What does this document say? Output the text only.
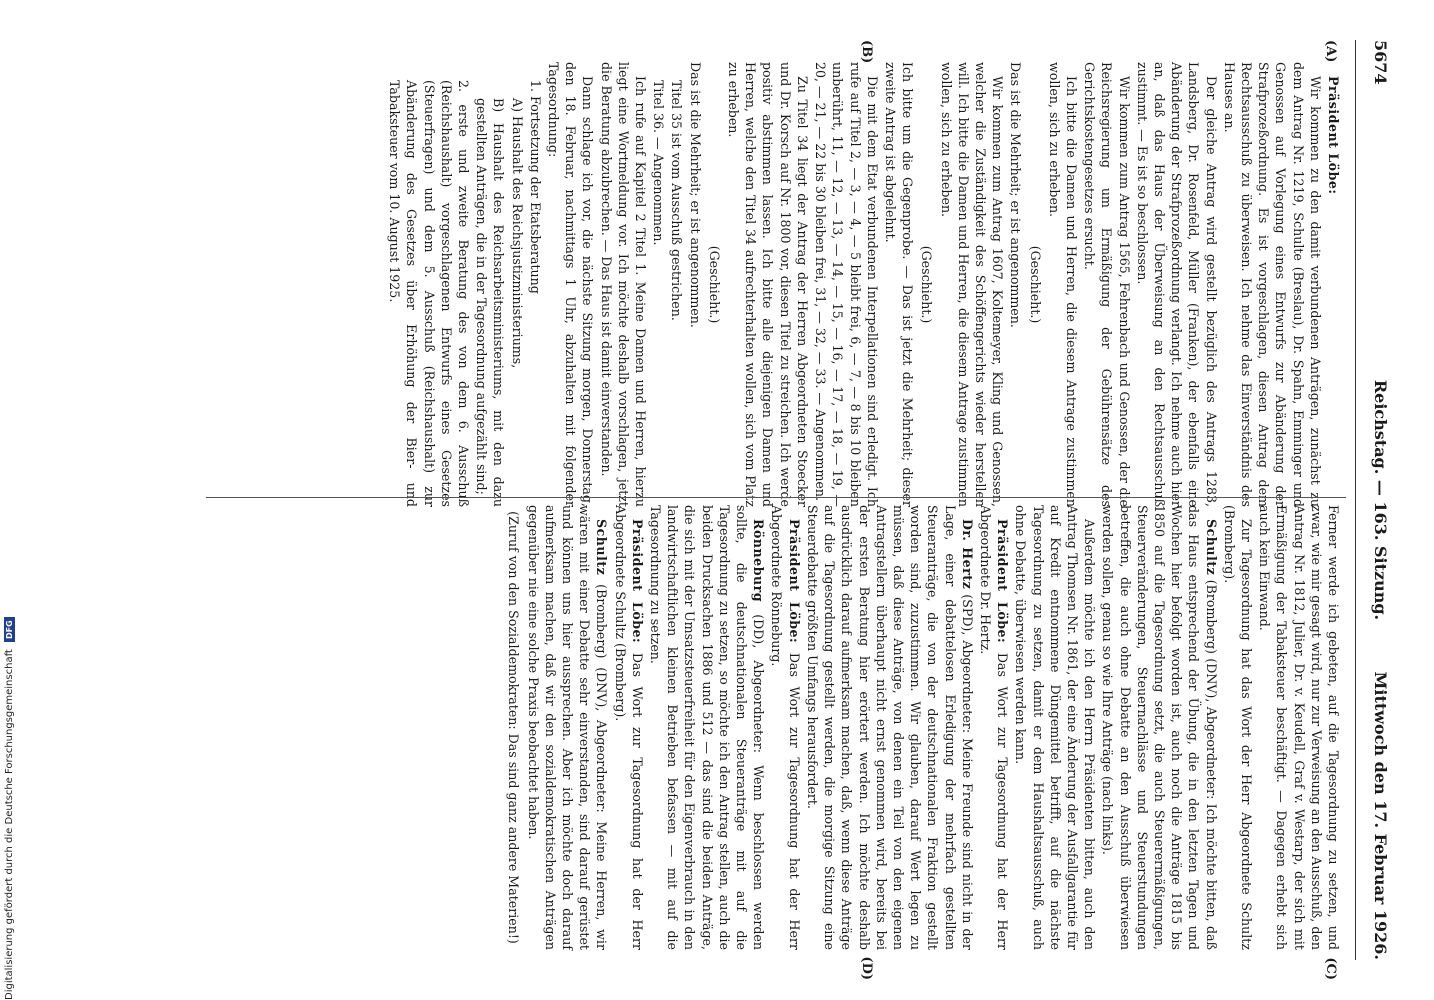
5674
Reichstag. — 163. Sitzung.
Mittwoch den 17. Februar 1926.
(A)
(B)
(C)
(D)

Präsident Löbe:

Wir kommen zu den damit verbundenen Anträgen, zunächst zu dem Antrag Nr. 1219, Schulte (Breslau), Dr. Spahn, Emminger und Genossen auf Vorlegung eines Entwurfs zur Abänderung der Strafprozeßordnung. Es ist vorgeschlagen, diesen Antrag dem Rechtsausschuß zu überweisen. Ich nehme das Einverständnis des Hauses an.

Der gleiche Antrag wird gestellt bezüglich des Antrags 1283, Landsberg, Dr. Rosenfeld, Müller (Franken), der ebenfalls eine Abänderung der Strafprozeßordnung verlangt. Ich nehme auch hier an, daß das Haus der Überweisung an den Rechtsausschuß zustimmt. — Es ist so beschlossen.

Wir kommen zum Antrag 1565, Fehrenbach und Genossen, der die Reichsregierung um Ermäßigung der Gebührensätze des Gerichtskostengesetzes ersucht.

Ich bitte die Damen und Herren, die diesem Antrage zustimmen wollen, sich zu erheben.

(Geschieht.)

Das ist die Mehrheit; er ist angenommen.

Wir kommen zum Antrag 1607, Koltemeyer, Kling und Genossen, welcher die Zuständigkeit des Schöffengerichts wieder herstellen will. Ich bitte die Damen und Herren, die diesem Antrage zustimmen wollen, sich zu erheben.

(Geschieht.)

Ich bitte um die Gegenprobe. — Das ist jetzt die Mehrheit; dieser zweite Antrag ist abgelehnt.

Die mit dem Etat verbundenen Interpellationen sind erledigt. Ich rufe auf Titel 2, — 3, — 4, — 5 bleibt frei, 6, — 7, — 8 bis 10 bleiben unberührt, 11, — 12, — 13, — 14, — 15, — 16, — 17, — 18, — 19, — 20, — 21, — 22 bis 30 bleiben frei, 31, — 32, — 33. — Angenommen.

Zu Titel 34 liegt der Antrag der Herren Abgeordneten Stoecker und Dr. Korsch auf Nr. 1800 vor, diesen Titel zu streichen. Ich werde positiv abstimmen lassen. Ich bitte alle diejenigen Damen und Herren, welche den Titel 34 aufrechterhalten wollen, sich vom Platz zu erheben.

(Geschieht.)

Das ist die Mehrheit; er ist angenommen.

Titel 35 ist vom Ausschuß gestrichen.

Titel 36. — Angenommen.

Ich rufe auf Kapitel 2 Titel 1. Meine Damen und Herren, hierzu liegt eine Wortmeldung vor. Ich möchte deshalb vorschlagen, jetzt die Beratung abzubrechen. — Das Haus ist damit einverstanden.

Dann schlage ich vor, die nächste Sitzung morgen, Donnerstag, den 18. Februar, nachmittags 1 Uhr, abzuhalten mit folgender Tagesordnung:

1. Fortsetzung der Etatsberatung

A) Haushalt des Reichsjustizministeriums,

B) Haushalt des Reichsarbeitsministeriums, mit den dazu gestellten Anträgen, die in der Tagesordnung aufgezählt sind;

2. erste und zweite Beratung des von dem 6. Ausschuß (Reichshaushalt) vorgeschlagenen Entwurfs eines Gesetzes (Steuerfragen) und dem 5. Ausschuß (Reichshaushalt) zur Abänderung des Gesetzes über Erhöhung der Bier- und Tabaksteuer vom 10. August 1925.

Ferner werde ich gebeten, auf die Tagesordnung zu setzen, und zwar, wie mir gesagt wird, nur zur Verweisung an den Ausschuß, den Antrag Nr. 1812, Julier, Dr. v. Keudell, Graf v. Westarp, der sich mit Ermäßigung der Tabaksteuer beschäftigt. — Dagegen erhebt sich auch kein Einwand.

Zur Tagesordnung hat das Wort der Herr Abgeordnete Schultz (Bromberg).

Schultz (Bromberg) (DNV), Abgeordneter: Ich möchte bitten, daß das Haus entsprechend der Übung, die in den letzten Tagen und Wochen hier befolgt worden ist, auch noch die Anträge 1815 bis 1850 auf die Tagesordnung setzt, die auch Steuerermäßigungen, Steuerveränderungen, Steuernachlässe und Steuerstundungen betreffen, die auch ohne Debatte an den Ausschuß überwiesen werden sollen, genau so wie Ihre Anträge (nach links).

Außerdem möchte ich den Herrn Präsidenten bitten, auch den Antrag Thomsen Nr. 1861, der eine Änderung der Ausfallgarantie für auf Kredit entnommene Düngemittel betrifft, auf die nächste Tagesordnung zu setzen, damit er dem Haushaltsausschuß, auch ohne Debatte, überwiesen werden kann.

Präsident Löbe: Das Wort zur Tagesordnung hat der Herr Abgeordnete Dr. Hertz.

Dr. Hertz (SPD), Abgeordneter: Meine Freunde sind nicht in der Lage, einer debattelosen Erledigung der mehrfach gestellten Steueranträge, die von der deutschnationalen Fraktion gestellt worden sind, zuzustimmen. Wir glauben, darauf Wert legen zu müssen, daß diese Anträge, von denen ein Teil von den eigenen Antragstellern überhaupt nicht ernst genommen wird, bereits bei der ersten Beratung hier erörtert werden. Ich möchte deshalb ausdrücklich darauf aufmerksam machen, daß, wenn diese Anträge auf die Tagesordnung gestellt werden, die morgige Sitzung eine Steuerdebatte größten Umfangs herausfordert.

Präsident Löbe: Das Wort zur Tagesordnung hat der Herr Abgeordnete Rönneburg.

Rönneburg (DD), Abgeordneter: Wenn beschlossen werden sollte, die deutschnationalen Steueranträge mit auf die Tagesordnung zu setzen, so möchte ich den Antrag stellen, auch die beiden Drucksachen 1886 und 512 — das sind die beiden Anträge, die sich mit der Umsatzsteuerfreiheit für den Eigenverbrauch in den landwirtschaftlichen kleinen Betrieben befassen — mit auf die Tagesordnung zu setzen.

Präsident Löbe: Das Wort zur Tagesordnung hat der Herr Abgeordnete Schultz (Bromberg).

Schultz (Bromberg) (DNV), Abgeordneter: Meine Herren, wir wären mit einer Debatte sehr einverstanden, sind darauf gerüstet und können uns hier aussprechen. Aber ich möchte doch darauf aufmerksam machen, daß wir den sozialdemokratischen Anträgen gegenüber nie eine solche Praxis beobachtet haben.

(Zuruf von den Sozialdemokraten: Das sind ganz andere Materien!)

Digitalisierung gefördert durch die Deutsche Forschungsgemeinschaft DFG
